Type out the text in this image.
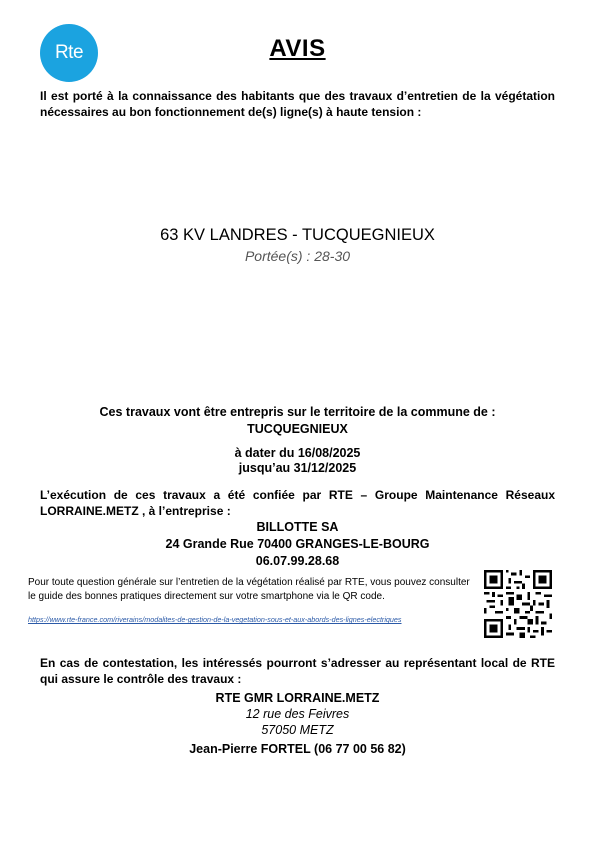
Rte	AVIS
Il est porté à la connaissance des habitants que des travaux d’entretien de la végétation nécessaires au bon fonctionnement de(s) ligne(s) à haute tension :
63 KV LANDRES - TUCQUEGNIEUX
Portée(s) : 28-30
Ces travaux vont être entrepris sur le territoire de la commune de :
TUCQUEGNIEUX
à dater du 16/08/2025
jusqu’au 31/12/2025
L’exécution de ces travaux a été confiée par RTE – Groupe Maintenance Réseaux LORRAINE.METZ , à l’entreprise :
BILLOTTE SA
24 Grande Rue 70400 GRANGES-LE-BOURG
06.07.99.28.68
Pour toute question générale sur l’entretien de la végétation réalisé par RTE, vous pouvez consulter le guide des bonnes pratiques directement sur votre smartphone via le QR code.
https://www.rte-france.com/riverains/modalites-de-gestion-de-la-vegetation-sous-et-aux-abords-des-lignes-electriques
En cas de contestation, les intéressés pourront s’adresser au représentant local de RTE qui assure le contrôle des travaux :
RTE GMR LORRAINE.METZ
12 rue des Feivres
57050 METZ
Jean-Pierre FORTEL (06 77 00 56 82)
